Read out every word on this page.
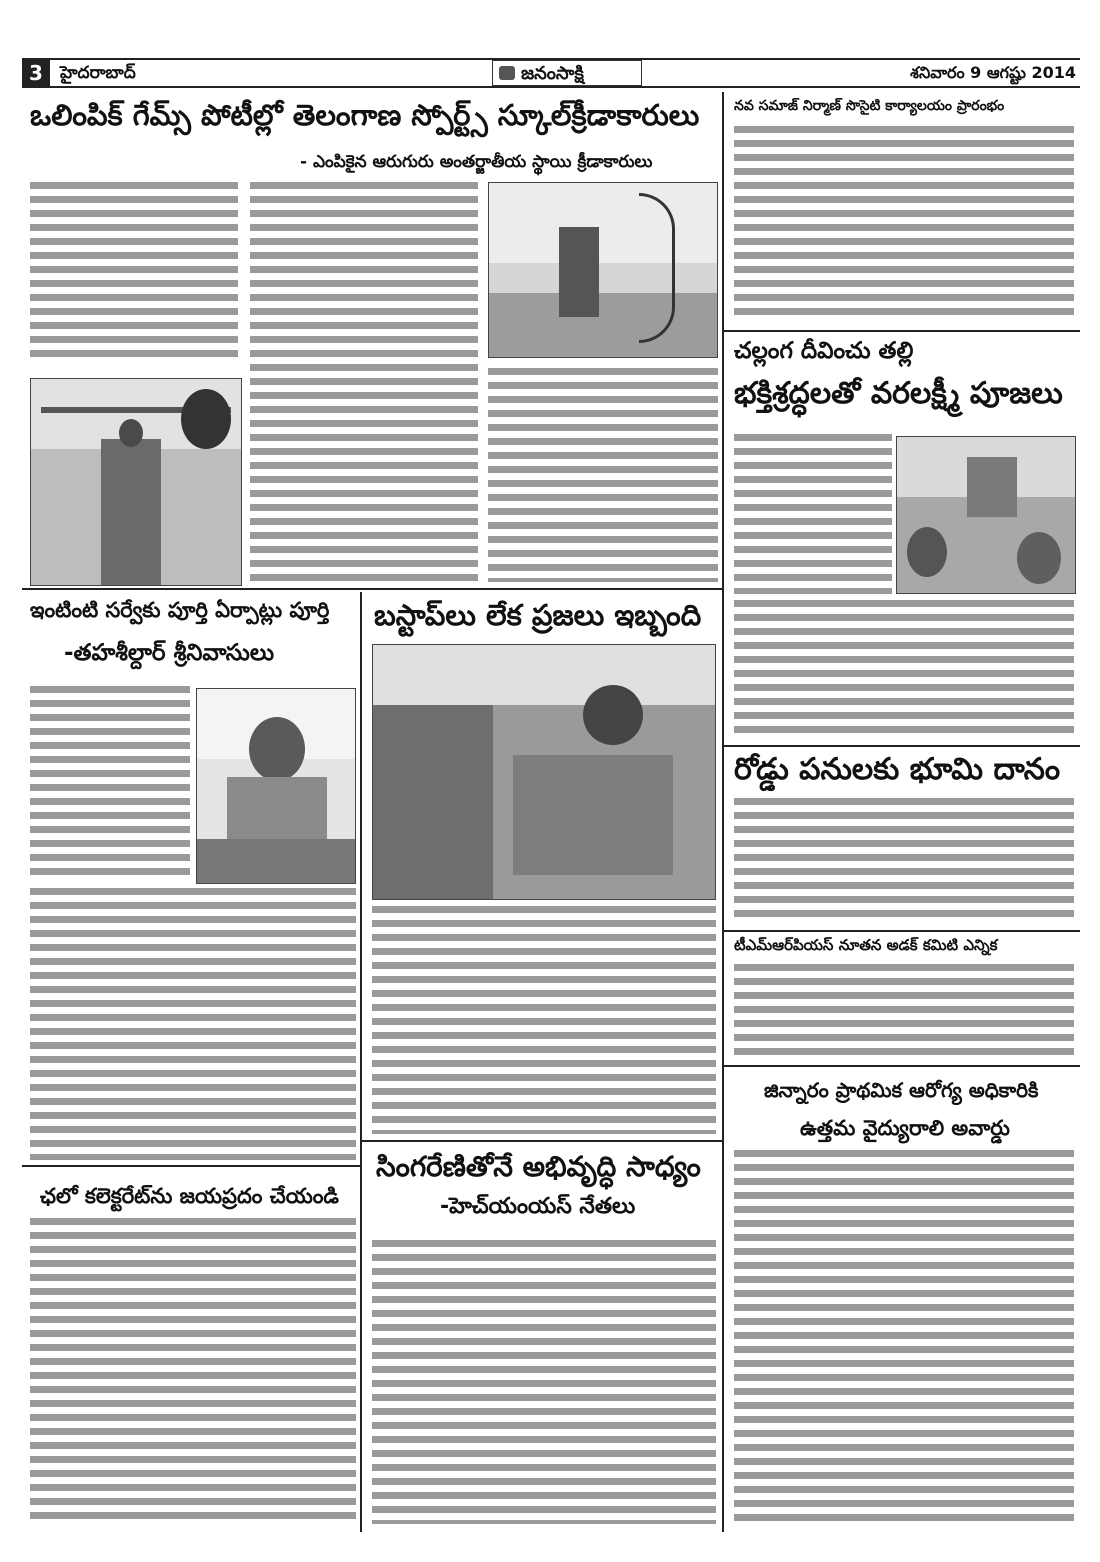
3	హైదరాబాద్	జనంసాక్షి	శనివారం 9 ఆగష్టు 2014
ఒలింపిక్ గేమ్స్ పోటీల్లో తెలంగాణ స్పోర్ట్స్ స్కూల్‌క్రీడాకారులు
- ఎంపికైన ఆరుగురు అంతర్జాతీయ స్థాయి క్రీడాకారులు
నవ సమాజ్ నిర్మాణ్ సొసైటి కార్యాలయం ప్రారంభం
చల్లంగ దీవించు తల్లి
భక్తిశ్రద్ధలతో వరలక్ష్మీ పూజలు
రోడ్డు పనులకు భూమి దానం
టీఎమ్‌ఆర్‌పియస్ నూతన అడక్ కమిటి ఎన్నిక
జిన్నారం ప్రాథమిక ఆరోగ్య అధికారికి
ఉత్తమ వైద్యురాలి అవార్డు
ఇంటింటి సర్వేకు పూర్తి ఏర్పాట్లు పూర్తి
-తహశీల్దార్ శ్రీనివాసులు
బస్టాప్‌లు లేక ప్రజలు ఇబ్బంది
ఛలో కలెక్టరేట్‌ను జయప్రదం చేయండి
సింగరేణితోనే అభివృద్ధి సాధ్యం
-హెచ్‌యంయస్ నేతలు
